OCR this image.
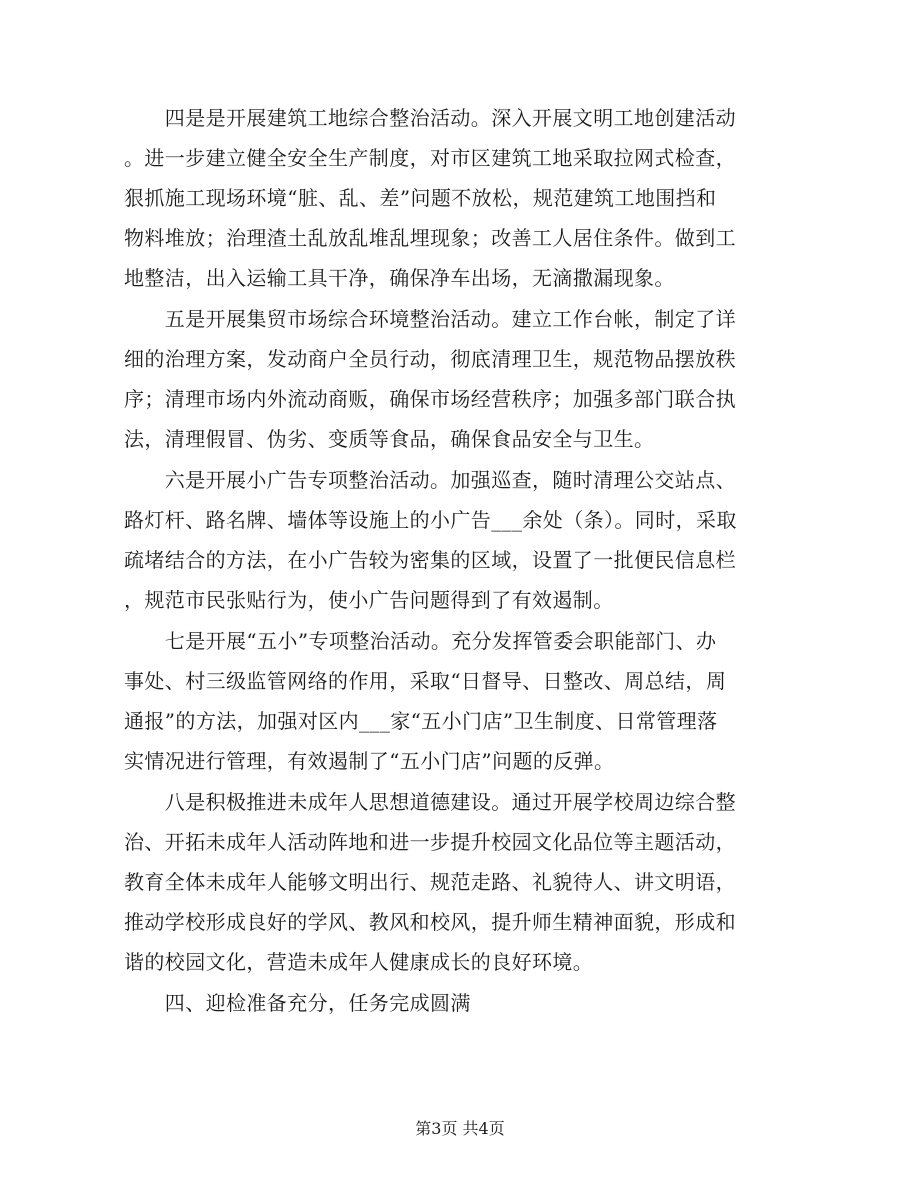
　　四是是开展建筑工地综合整治活动。深入开展文明工地创建活动
。进一步建立健全安全生产制度，对市区建筑工地采取拉网式检查，
狠抓施工现场环境“脏、乱、差”问题不放松，规范建筑工地围挡和
物料堆放；治理渣土乱放乱堆乱埋现象；改善工人居住条件。做到工
地整洁，出入运输工具干净，确保净车出场，无滴撒漏现象。
　　五是开展集贸市场综合环境整治活动。建立工作台帐，制定了详
细的治理方案，发动商户全员行动，彻底清理卫生，规范物品摆放秩
序；清理市场内外流动商贩，确保市场经营秩序；加强多部门联合执
法，清理假冒、伪劣、变质等食品，确保食品安全与卫生。
　　六是开展小广告专项整治活动。加强巡查，随时清理公交站点、
路灯杆、路名牌、墙体等设施上的小广告___余处（条）。同时，采取
疏堵结合的方法，在小广告较为密集的区域，设置了一批便民信息栏
，规范市民张贴行为，使小广告问题得到了有效遏制。
　　七是开展“五小”专项整治活动。充分发挥管委会职能部门、办
事处、村三级监管网络的作用，采取“日督导、日整改、周总结，周
通报”的方法，加强对区内___家“五小门店”卫生制度、日常管理落
实情况进行管理，有效遏制了“五小门店”问题的反弹。
　　八是积极推进未成年人思想道德建设。通过开展学校周边综合整
治、开拓未成年人活动阵地和进一步提升校园文化品位等主题活动，
教育全体未成年人能够文明出行、规范走路、礼貌待人、讲文明语，
推动学校形成良好的学风、教风和校风，提升师生精神面貌，形成和
谐的校园文化，营造未成年人健康成长的良好环境。
　　四、迎检准备充分，任务完成圆满
第3页 共4页
